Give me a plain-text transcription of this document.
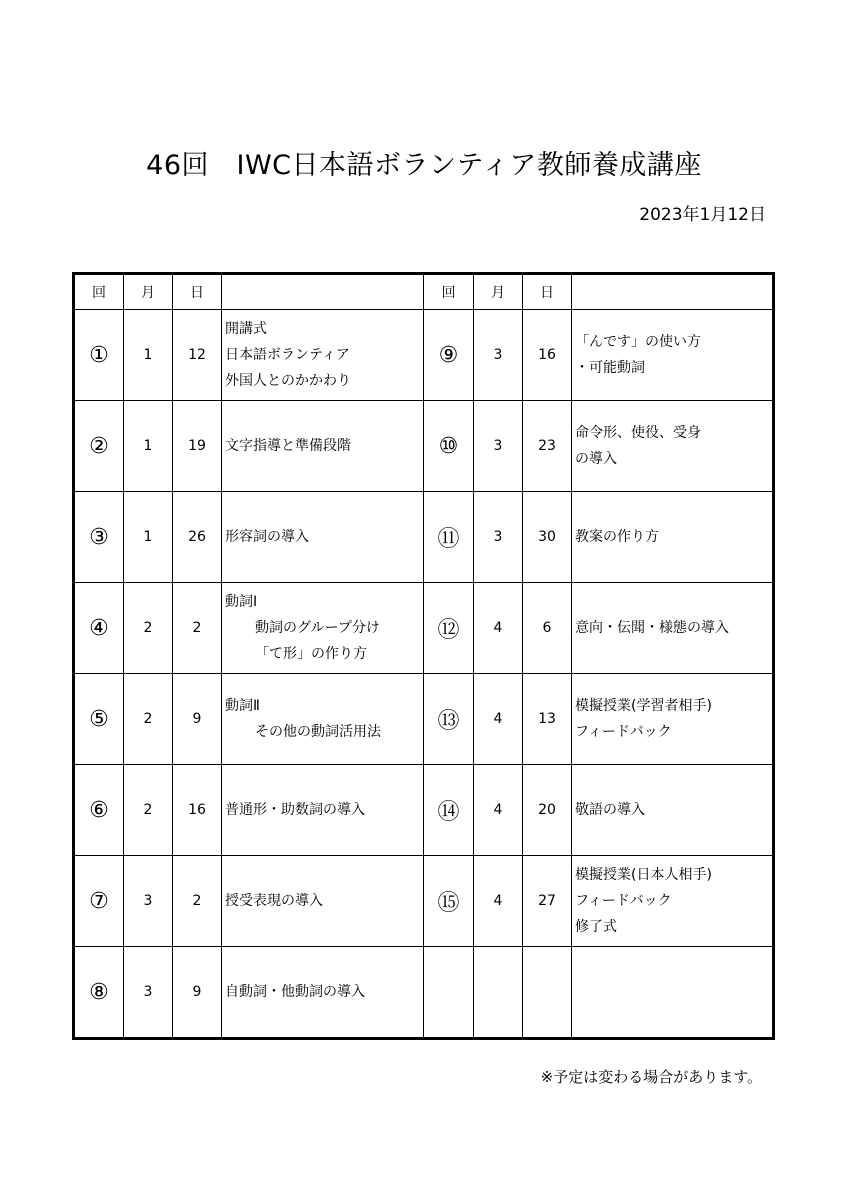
46回　IWC日本語ボランティア教師養成講座
2023年1月12日
回	月	日		回	月	日	
①	1	12	開講式
日本語ボランティア
外国人とのかかわり	⑨	3	16	「んです」の使い方
・可能動詞

②	1	19	文字指導と準備段階	⑩	3	23	命令形、使役、受身
の導入

③	1	26	形容詞の導入	⑪	3	30	教案の作り方

④	2	2	動詞Ⅰ
動詞のグループ分け
「て形」の作り方	⑫	4	6	意向・伝聞・様態の導入

⑤	2	9	動詞Ⅱ
その他の動詞活用法	⑬	4	13	模擬授業(学習者相手)
フィードバック

⑥	2	16	普通形・助数詞の導入	⑭	4	20	敬語の導入

⑦	3	2	授受表現の導入	⑮	4	27	模擬授業(日本人相手)
フィードバック
修了式

⑧	3	9	自動詞・他動詞の導入				

※予定は変わる場合があります。
